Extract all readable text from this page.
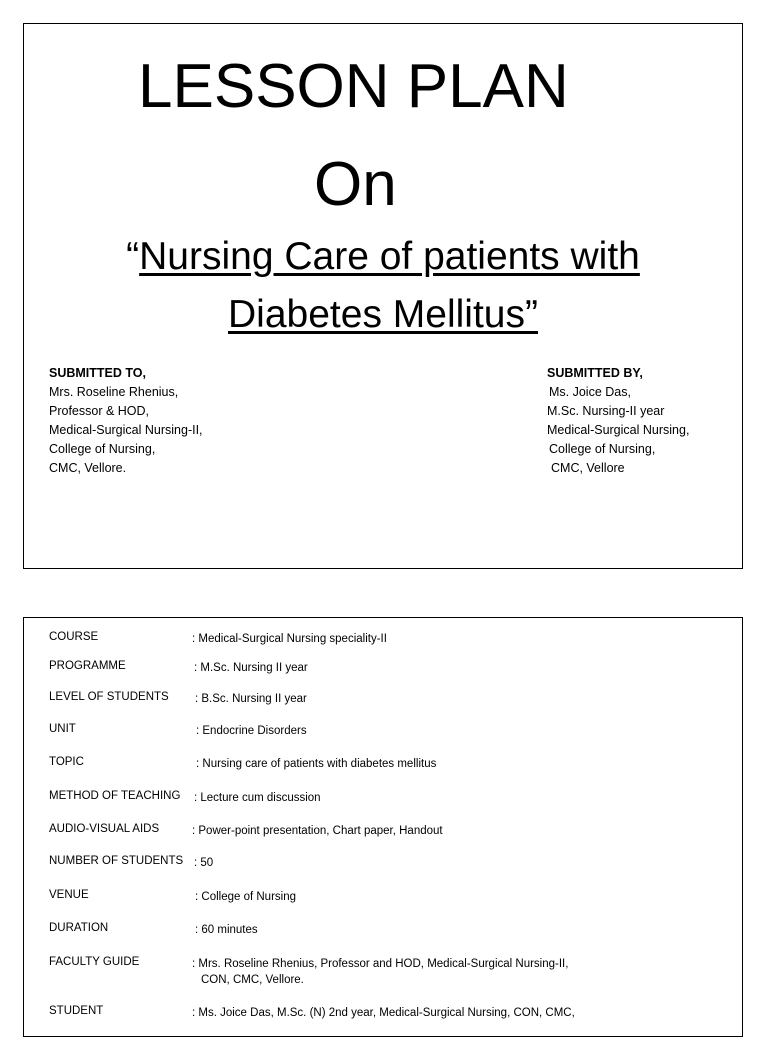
LESSON PLAN
On
“Nursing Care of patients with
Diabetes Mellitus”
SUBMITTED TO,
Mrs. Roseline Rhenius,
Professor & HOD,
Medical-Surgical Nursing-II,
College of Nursing,
CMC, Vellore.
SUBMITTED BY,
Ms. Joice Das,
M.Sc. Nursing-II year
Medical-Surgical Nursing,
College of Nursing,
CMC, Vellore
COURSE	: Medical-Surgical Nursing speciality-II
PROGRAMME	: M.Sc. Nursing II year
LEVEL OF STUDENTS : B.Sc. Nursing II year
UNIT	: Endocrine Disorders
TOPIC	: Nursing care of patients with diabetes mellitus
METHOD OF TEACHING : Lecture cum discussion
AUDIO-VISUAL AIDS	: Power-point presentation, Chart paper, Handout
NUMBER OF STUDENTS : 50
VENUE	: College of Nursing
DURATION	: 60 minutes
FACULTY GUIDE	: Mrs. Roseline Rhenius, Professor and HOD, Medical-Surgical Nursing-II,
CON, CMC, Vellore.
STUDENT	: Ms. Joice Das, M.Sc. (N) 2nd year, Medical-Surgical Nursing, CON, CMC,
